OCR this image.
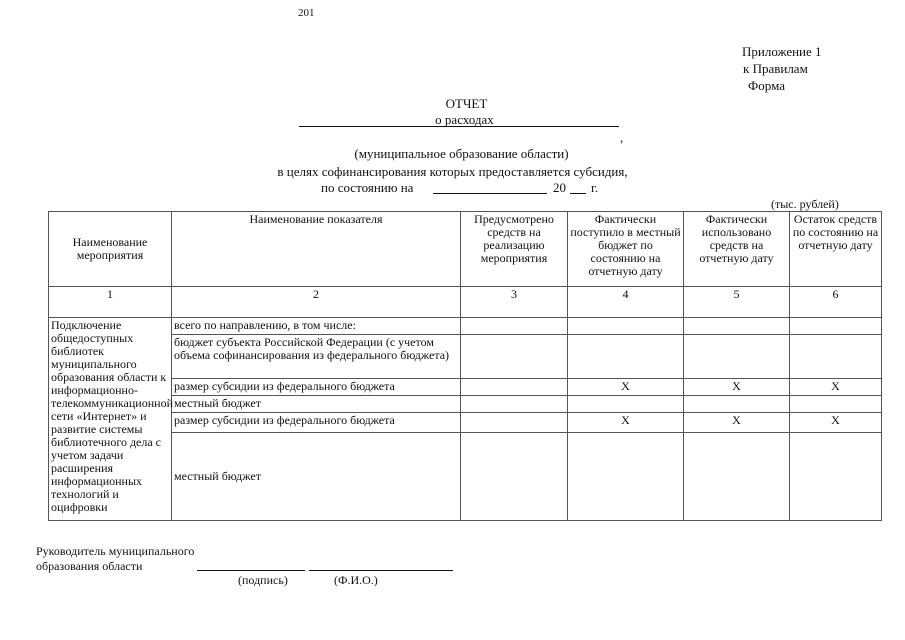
201
Приложение 1
к Правилам
Форма
ОТЧЕТ
о расходах
,
(муниципальное образование области)
в целях софинансирования которых предоставляется субсидия,
по состоянию на	20 г.
(тыс. рублей)
Наименование мероприятия	Наименование показателя	Предусмотрено средств на реализацию мероприятия	Фактически поступило в местный бюджет по состоянию на отчетную дату	Фактически использовано средств на отчетную дату	Остаток средств по состоянию на отчетную дату
1	2	3	4	5	6
Подключение общедоступных библиотек муниципального образования области к информационно-телекоммуникационной сети «Интернет» и развитие системы библиотечного дела с учетом задачи расширения информационных технологий и оцифровки	всего по направлению, в том числе:				
	бюджет субъекта Российской Федерации (с учетом объема софинансирования из федерального бюджета)				
	размер субсидии из федерального бюджета		X	X	X
	местный бюджет				
	размер субсидии из федерального бюджета		X	X	X
	местный бюджет				
Руководитель муниципального
образования области
(подпись)	(Ф.И.О.)
